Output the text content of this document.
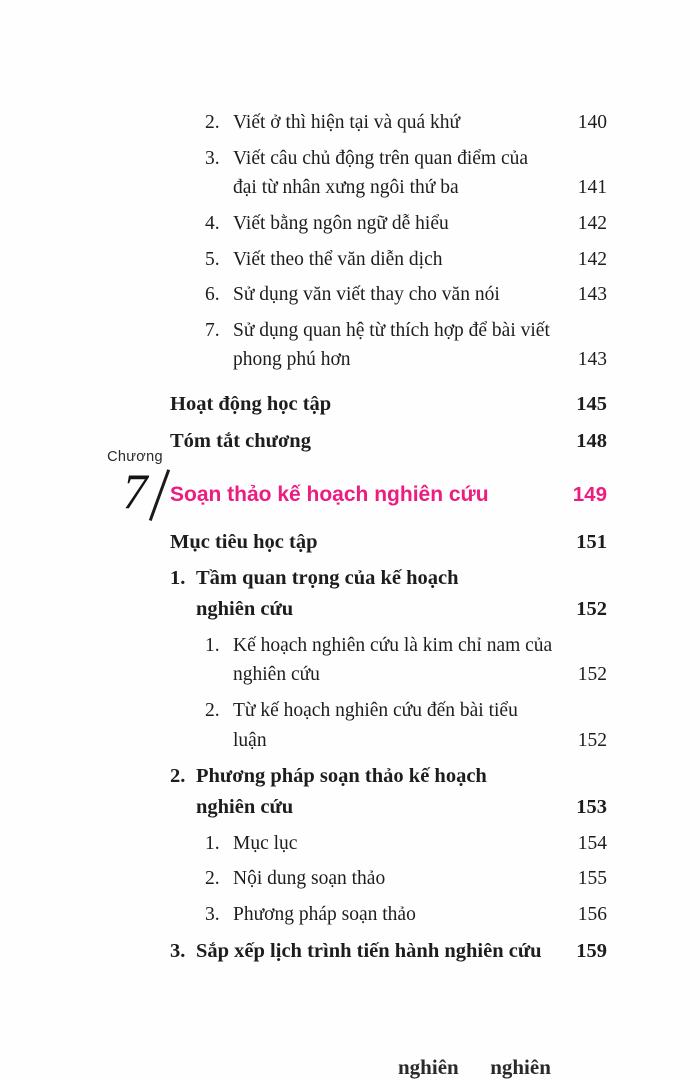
2. Viết ở thì hiện tại và quá khứ	140

3. Viết câu chủ động trên quan điểm của đại từ nhân xưng ngôi thứ ba	141

4. Viết bằng ngôn ngữ dễ hiểu	142

5. Viết theo thể văn diễn dịch	142

6. Sử dụng văn viết thay cho văn nói	143

7. Sử dụng quan hệ từ thích hợp để bài viết phong phú hơn	143

Hoạt động học tập	145

Tóm tắt chương	148
Chương
7	Soạn thảo kế hoạch nghiên cứu	149

Mục tiêu học tập	151

1. Tầm quan trọng của kế hoạch nghiên cứu	152

1. Kế hoạch nghiên cứu là kim chỉ nam của nghiên cứu	152

2. Từ kế hoạch nghiên cứu đến bài tiểu luận	152

2. Phương pháp soạn thảo kế hoạch nghiên cứu	153

1. Mục lục	154

2. Nội dung soạn thảo	155

3. Phương pháp soạn thảo	156

3. Sắp xếp lịch trình tiến hành nghiên cứu	159
nghiên      nghiên
